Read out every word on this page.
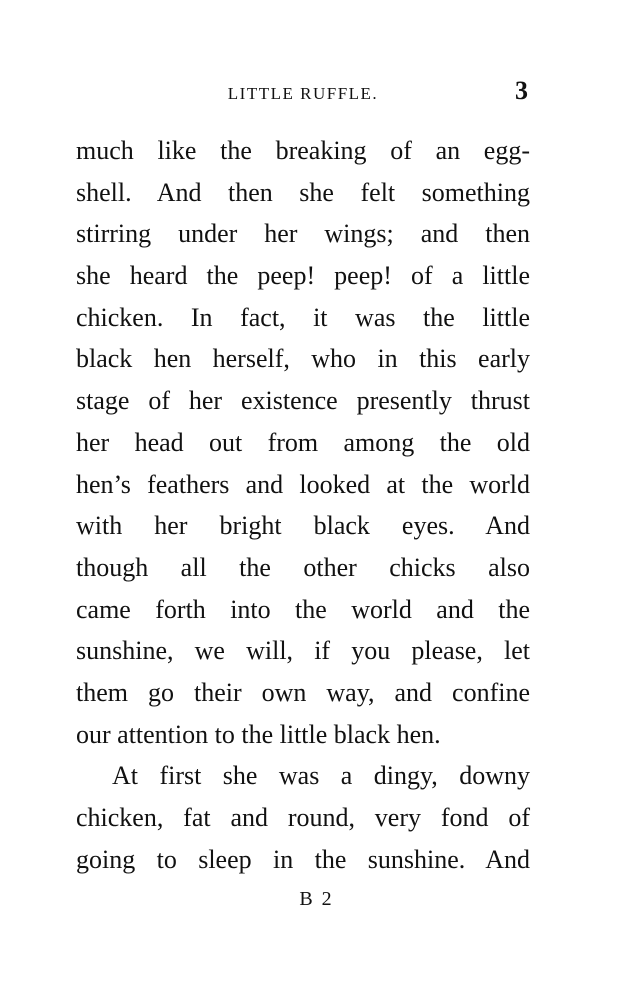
LITTLE RUFFLE.	3
much like the breaking of an egg-
shell. And then she felt something
stirring under her wings; and then
she heard the peep! peep! of a little
chicken. In fact, it was the little
black hen herself, who in this early
stage of her existence presently thrust
her head out from among the old
hen’s feathers and looked at the world
with her bright black eyes. And
though all the other chicks also
came forth into the world and the
sunshine, we will, if you please, let
them go their own way, and confine
our attention to the little black hen.
At first she was a dingy, downy
chicken, fat and round, very fond of
going to sleep in the sunshine. And
B 2
